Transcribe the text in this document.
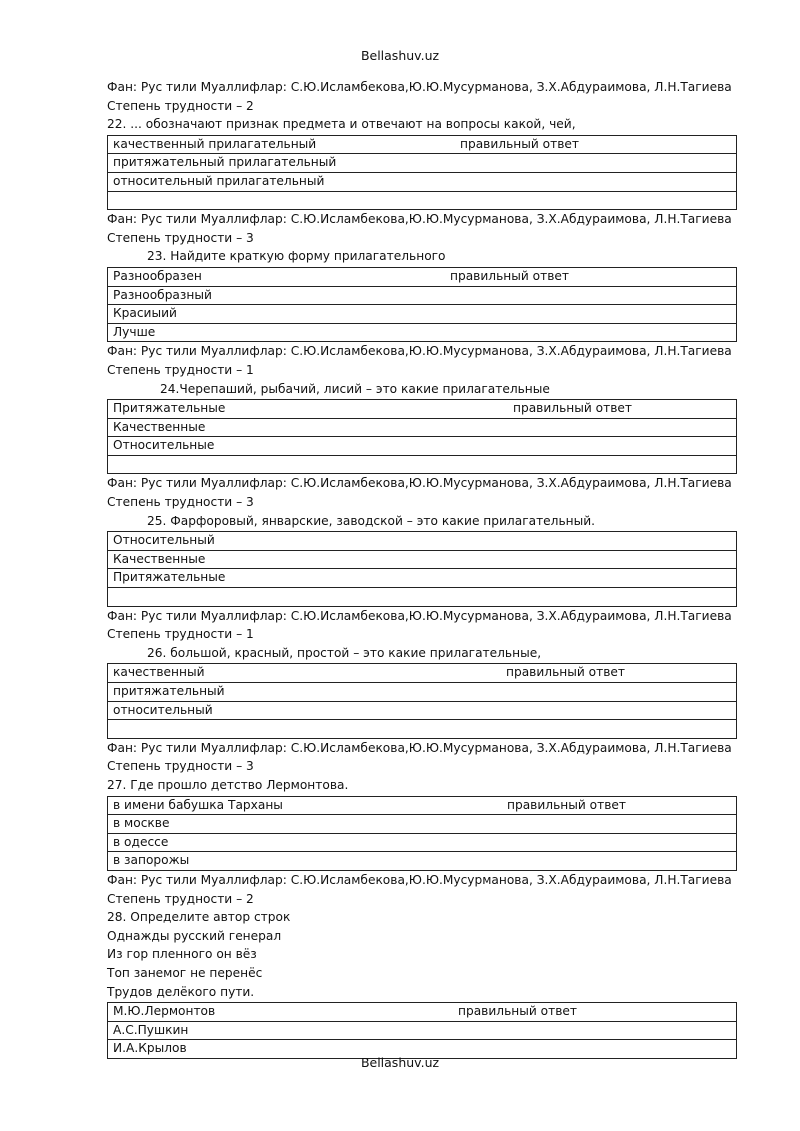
Bellashuv.uz
Фан: Рус тили Муаллифлар: С.Ю.Исламбекова,Ю.Ю.Мусурманова, З.Х.Абдураимова, Л.Н.Тагиева
Степень трудности – 2
22. ... обозначают признак предмета и отвечают на вопросы какой, чей,
качественный прилагательный	правильный ответ
притяжательный прилагательный
относительный прилагательный
Фан: Рус тили Муаллифлар: С.Ю.Исламбекова,Ю.Ю.Мусурманова, З.Х.Абдураимова, Л.Н.Тагиева
Степень трудности – 3
23. Найдите краткую форму прилагательного
Разнообразен	правильный ответ
Разнообразный
Красиыий
Лучше
Фан: Рус тили Муаллифлар: С.Ю.Исламбекова,Ю.Ю.Мусурманова, З.Х.Абдураимова, Л.Н.Тагиева
Степень трудности – 1
24.Черепаший, рыбачий, лисий – это какие прилагательные
Притяжательные	правильный ответ
Качественные
Относительные
Фан: Рус тили Муаллифлар: С.Ю.Исламбекова,Ю.Ю.Мусурманова, З.Х.Абдураимова, Л.Н.Тагиева
Степень трудности – 3
25. Фарфоровый, январские, заводской – это какие прилагательный.
Относительный
Качественные
Притяжательные
Фан: Рус тили Муаллифлар: С.Ю.Исламбекова,Ю.Ю.Мусурманова, З.Х.Абдураимова, Л.Н.Тагиева
Степень трудности – 1
26. большой, красный, простой – это какие прилагательные,
качественный	правильный ответ
притяжательный
относительный
Фан: Рус тили Муаллифлар: С.Ю.Исламбекова,Ю.Ю.Мусурманова, З.Х.Абдураимова, Л.Н.Тагиева
Степень трудности – 3
27. Где прошло детство Лермонтова.
в имени бабушка Тарханы	правильный ответ
в москве
в одессе
в запорожы
Фан: Рус тили Муаллифлар: С.Ю.Исламбекова,Ю.Ю.Мусурманова, З.Х.Абдураимова, Л.Н.Тагиева
Степень трудности – 2
28. Определите автор строк
Однажды русский генерал
Из гор пленного он вёз
Топ занемог не перенёс
Трудов делёкого пути.
М.Ю.Лермонтов	правильный ответ
А.С.Пушкин
И.А.Крылов
Bellashuv.uz
